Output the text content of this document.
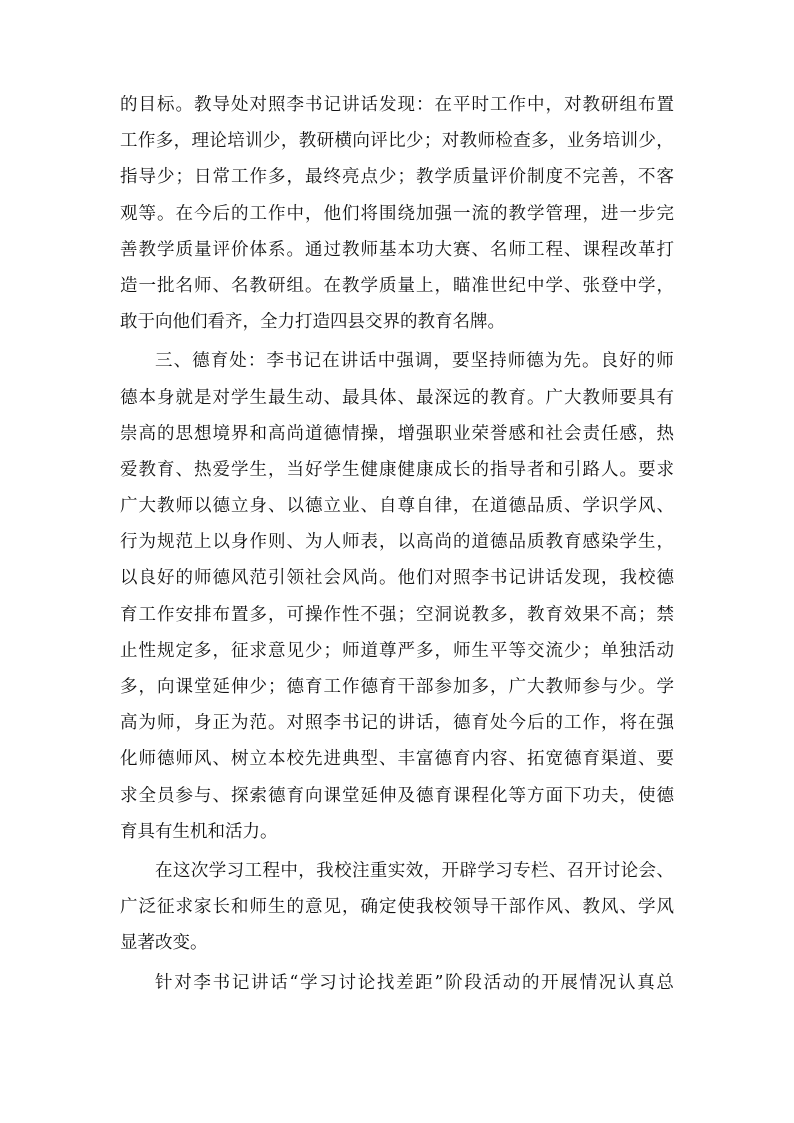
的 目 标 。 教 导 处 对 照 李 书 记 讲 话 发 现 ： 在 平 时 工 作 中 ， 对 教 研 组 布 置
工 作 多 ， 理 论 培 训 少 ， 教 研 横 向 评 比 少 ； 对 教 师 检 查 多 ， 业 务 培 训 少 ，
指 导 少 ； 日 常 工 作 多 ， 最 终 亮 点 少 ； 教 学 质 量 评 价 制 度 不 完 善 ， 不 客
观 等 。 在 今 后 的 工 作 中 ， 他 们 将 围 绕 加 强 一 流 的 教 学 管 理 ， 进 一 步 完
善 教 学 质 量 评 价 体 系 。 通 过 教 师 基 本 功 大 赛 、 名 师 工 程 、 课 程 改 革 打
造 一 批 名 师 、 名 教 研 组 。 在 教 学 质 量 上 ， 瞄 准 世 纪 中 学 、 张 登 中 学 ，
敢于向他们看齐，全力打造四县交界的教育名牌。
三 、 德 育 处 ： 李 书 记 在 讲 话 中 强 调 ， 要 坚 持 师 德 为 先 。 良 好 的 师
德 本 身 就 是 对 学 生 最 生 动 、 最 具 体 、 最 深 远 的 教 育 。 广 大 教 师 要 具 有
崇 高 的 思 想 境 界 和 高 尚 道 德 情 操 ， 增 强 职 业 荣 誉 感 和 社 会 责 任 感 ， 热
爱 教 育 、 热 爱 学 生 ， 当 好 学 生 健 康 健 康 成 长 的 指 导 者 和 引 路 人 。 要 求
广 大 教 师 以 德 立 身 、 以 德 立 业 、 自 尊 自 律 ， 在 道 德 品 质 、 学 识 学 风 、
行 为 规 范 上 以 身 作 则 、 为 人 师 表 ， 以 高 尚 的 道 德 品 质 教 育 感 染 学 生 ，
以 良 好 的 师 德 风 范 引 领 社 会 风 尚 。 他 们 对 照 李 书 记 讲 话 发 现 ， 我 校 德
育 工 作 安 排 布 置 多 ， 可 操 作 性 不 强 ； 空 洞 说 教 多 ， 教 育 效 果 不 高 ； 禁
止 性 规 定 多 ， 征 求 意 见 少 ； 师 道 尊 严 多 ， 师 生 平 等 交 流 少 ； 单 独 活 动
多 ， 向 课 堂 延 伸 少 ； 德 育 工 作 德 育 干 部 参 加 多 ， 广 大 教 师 参 与 少 。 学
高 为 师 ， 身 正 为 范 。 对 照 李 书 记 的 讲 话 ， 德 育 处 今 后 的 工 作 ， 将 在 强
化 师 德 师 风 、 树 立 本 校 先 进 典 型 、 丰 富 德 育 内 容 、 拓 宽 德 育 渠 道 、 要
求 全 员 参 与 、 探 索 德 育 向 课 堂 延 伸 及 德 育 课 程 化 等 方 面 下 功 夫 ， 使 德
育具有生机和活力。
在 这 次 学 习 工 程 中 ， 我 校 注 重 实 效 ， 开 辟 学 习 专 栏 、 召 开 讨 论 会 、
广 泛 征 求 家 长 和 师 生 的 意 见 ， 确 定 使 我 校 领 导 干 部 作 风 、 教 风 、 学 风
显著改变。
针 对 李 书 记 讲 话 “ 学 习 讨 论 找 差 距 ” 阶 段 活 动 的 开 展 情 况 认 真 总
